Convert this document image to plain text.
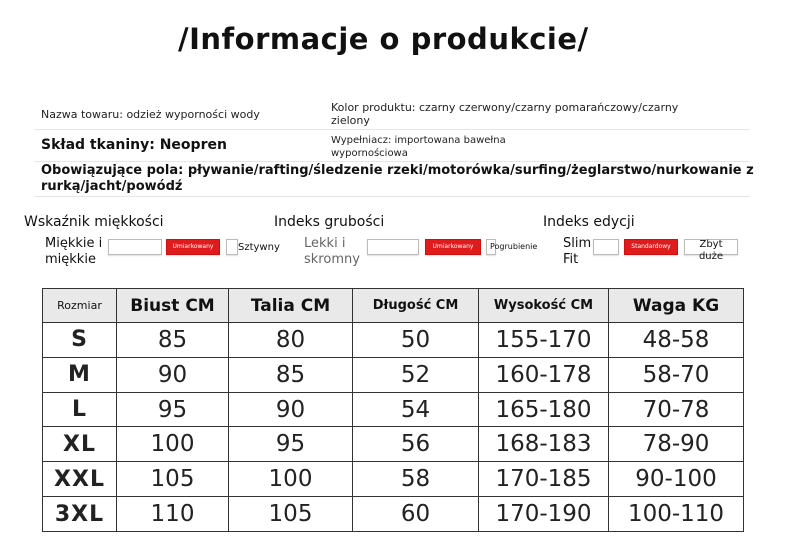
/Informacje o produkcie/
Nazwa towaru: odzież wyporności wody
Kolor produktu: czarny czerwony/czarny pomarańczowy/czarny
zielony
Skład tkaniny: Neopren	Wypełniacz: importowana bawełna
wyporności​owa
Obowiązujące pola: pływanie/rafting/śledzenie rzeki/motorówka/surfing/żeglarstwo/nurkowanie z
rurką/jacht/powódź
Wskaźnik miękkości
Miękkie i
miękkie
Umiarkowany	Sztywny
Indeks grubości
Lekki i
skromny
Umiarkowany	Pogrubienie
Indeks edycji
Slim
Fit
Standardowy	Zbyt
duże
Rozmiar	Biust CM	Talia CM	Długość CM	Wysokość CM	Waga KG
S	85	80	50	155-170	48-58
M	90	85	52	160-178	58-70
L	95	90	54	165-180	70-78
XL	100	95	56	168-183	78-90
XXL	105	100	58	170-185	90-100
3XL	110	105	60	170-190	100-110
